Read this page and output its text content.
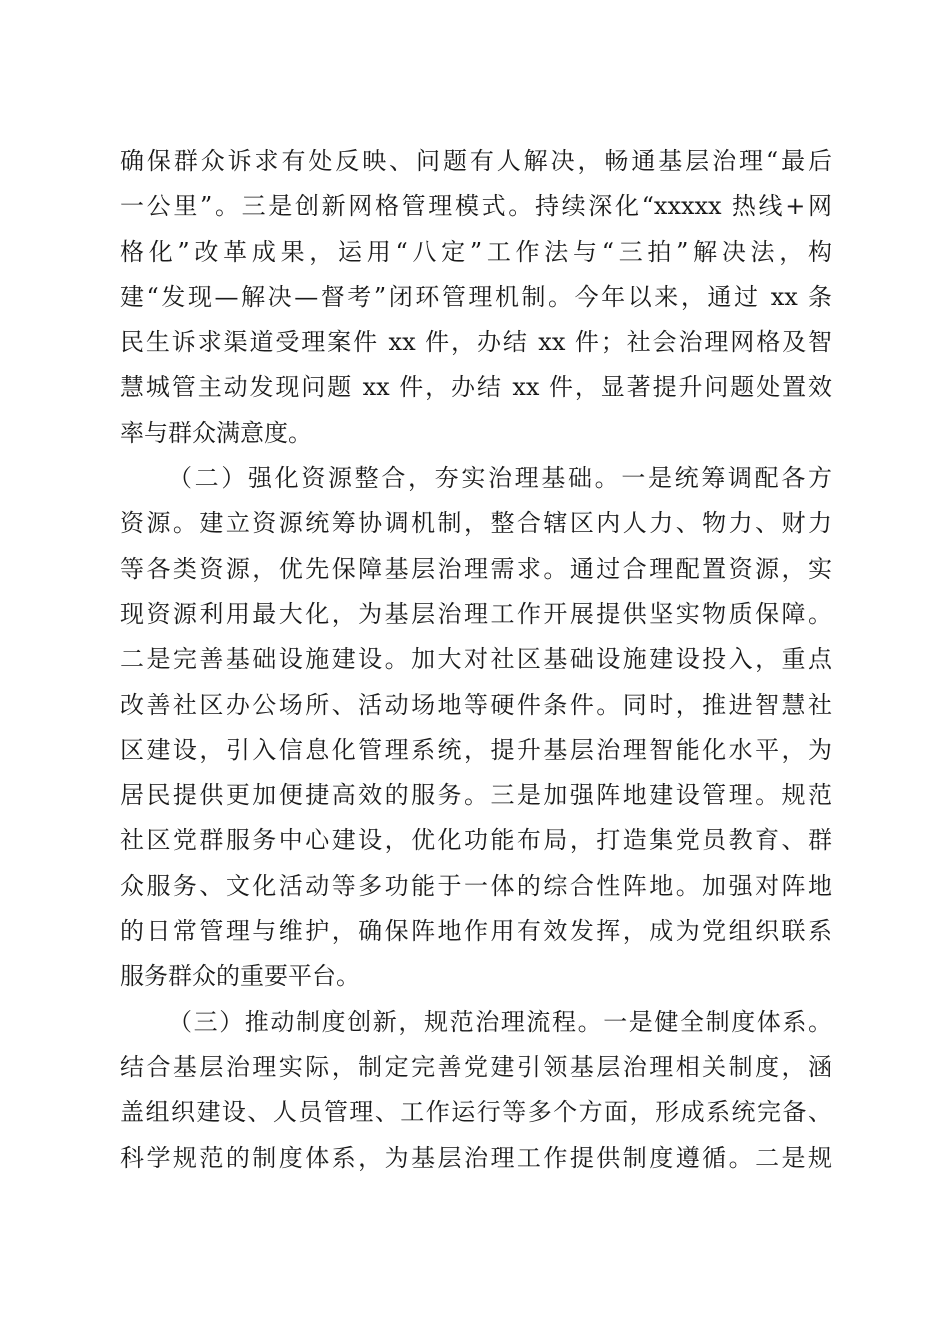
确保群众诉求有处反映、问题有人解决，畅通基层治理“最后
一公里”。三是创新网格管理模式。持续深化“xxxxx 热线+网
格化”改革成果，运用“八定”工作法与“三拍”解决法，构
建“发现—解决—督考”闭环管理机制。今年以来，通过 xx 条
民生诉求渠道受理案件 xx 件，办结 xx 件；社会治理网格及智
慧城管主动发现问题 xx 件，办结 xx 件，显著提升问题处置效
率与群众满意度。
（二）强化资源整合，夯实治理基础。一是统筹调配各方
资源。建立资源统筹协调机制，整合辖区内人力、物力、财力
等各类资源，优先保障基层治理需求。通过合理配置资源，实
现资源利用最大化，为基层治理工作开展提供坚实物质保障。
二是完善基础设施建设。加大对社区基础设施建设投入，重点
改善社区办公场所、活动场地等硬件条件。同时，推进智慧社
区建设，引入信息化管理系统，提升基层治理智能化水平，为
居民提供更加便捷高效的服务。三是加强阵地建设管理。规范
社区党群服务中心建设，优化功能布局，打造集党员教育、群
众服务、文化活动等多功能于一体的综合性阵地。加强对阵地
的日常管理与维护，确保阵地作用有效发挥，成为党组织联系
服务群众的重要平台。
（三）推动制度创新，规范治理流程。一是健全制度体系。
结合基层治理实际，制定完善党建引领基层治理相关制度，涵
盖组织建设、人员管理、工作运行等多个方面，形成系统完备、
科学规范的制度体系，为基层治理工作提供制度遵循。二是规
